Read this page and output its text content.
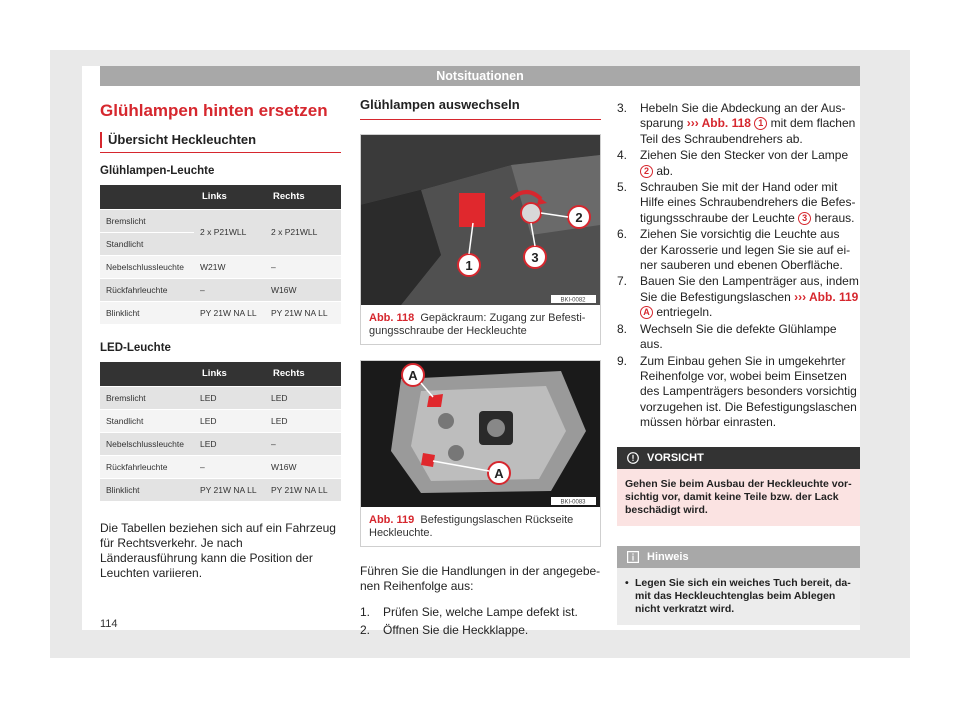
Notsituationen
Glühlampen hinten ersetzen
Übersicht Heckleuchten
Glühlampen-Leuchte
	Links	Rechts
Bremslicht	2 x P21WLL	2 x P21WLL
Standlicht		
Nebelschlussleuchte	W21W	–
Rückfahrleuchte	–	W16W
Blinklicht	PY 21W NA LL	PY 21W NA LL
LED-Leuchte
	Links	Rechts
Bremslicht	LED	LED
Standlicht	LED	LED
Nebelschlussleuchte	LED	–
Rückfahrleuchte	–	W16W
Blinklicht	PY 21W NA LL	PY 21W NA LL
Die Tabellen beziehen sich auf ein Fahrzeug für Rechtsverkehr. Je nach Länderausführung kann die Position der Leuchten variieren.
Glühlampen auswechseln
1
2
3
BKI-0082
Abb. 118 Gepäckraum: Zugang zur Befesti-gungsschraube der Heckleuchte
A
A
BKI-0083
Abb. 119 Befestigungslaschen Rückseite Heckleuchte.
Führen Sie die Handlungen in der angegebe-nen Reihenfolge aus:
1. Prüfen Sie, welche Lampe defekt ist.
2. Öffnen Sie die Heckklappe.
3. Hebeln Sie die Abdeckung an der Aus-sparung ››› Abb. 118 1 mit dem flachen Teil des Schraubendrehers ab.
4. Ziehen Sie den Stecker von der Lampe 2 ab.
5. Schrauben Sie mit der Hand oder mit Hilfe eines Schraubendrehers die Befes-tigungsschraube der Leuchte 3 heraus.
6. Ziehen Sie vorsichtig die Leuchte aus der Karosserie und legen Sie sie auf ei-ner sauberen und ebenen Oberfläche.
7. Bauen Sie den Lampenträger aus, indem Sie die Befestigungslaschen ››› Abb. 119 A entriegeln.
8. Wechseln Sie die defekte Glühlampe aus.
9. Zum Einbau gehen Sie in umgekehrter Reihenfolge vor, wobei beim Einsetzen des Lampenträgers besonders vorsichtig vorzugehen ist. Die Befestigungslaschen müssen hörbar einrasten.
VORSICHT
Gehen Sie beim Ausbau der Heckleuchte vor-sichtig vor, damit keine Teile bzw. der Lack beschädigt wird.
Hinweis
• Legen Sie sich ein weiches Tuch bereit, da-mit das Heckleuchtenglas beim Ablegen nicht verkratzt wird.
114
